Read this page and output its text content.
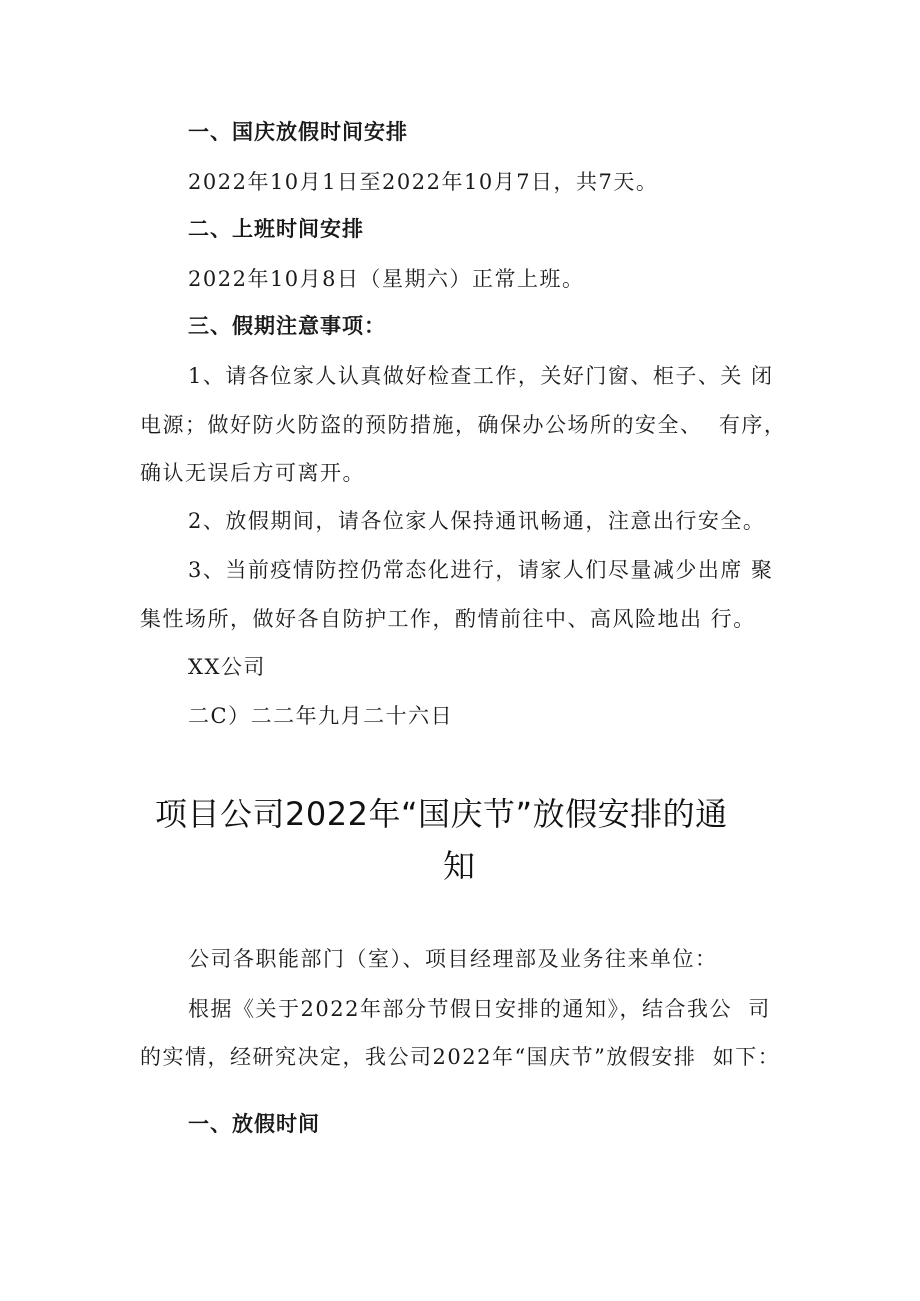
一、国庆放假时间安排
2022年10月1日至2022年10月7日，共7天。
二、上班时间安排
2022年10月8日（星期六）正常上班。
三、假期注意事项：
1、请各位家人认真做好检查工作，关好门窗、柜子、关 闭
电源；做好防火防盗的预防措施，确保办公场所的安全、  有序，
确认无误后方可离开。
2、放假期间，请各位家人保持通讯畅通，注意出行安全。
3、当前疫情防控仍常态化进行，请家人们尽量减少出席 聚
集性场所，做好各自防护工作，酌情前往中、高风险地出 行。
XX公司
二C）二二年九月二十六日
项目公司2022年“国庆节”放假安排的通
知
公司各职能部门（室）、项目经理部及业务往来单位：
根据《关于2022年部分节假日安排的通知》，结合我公  司
的实情，经研究决定，我公司2022年“国庆节”放假安排  如下：
一、放假时间
